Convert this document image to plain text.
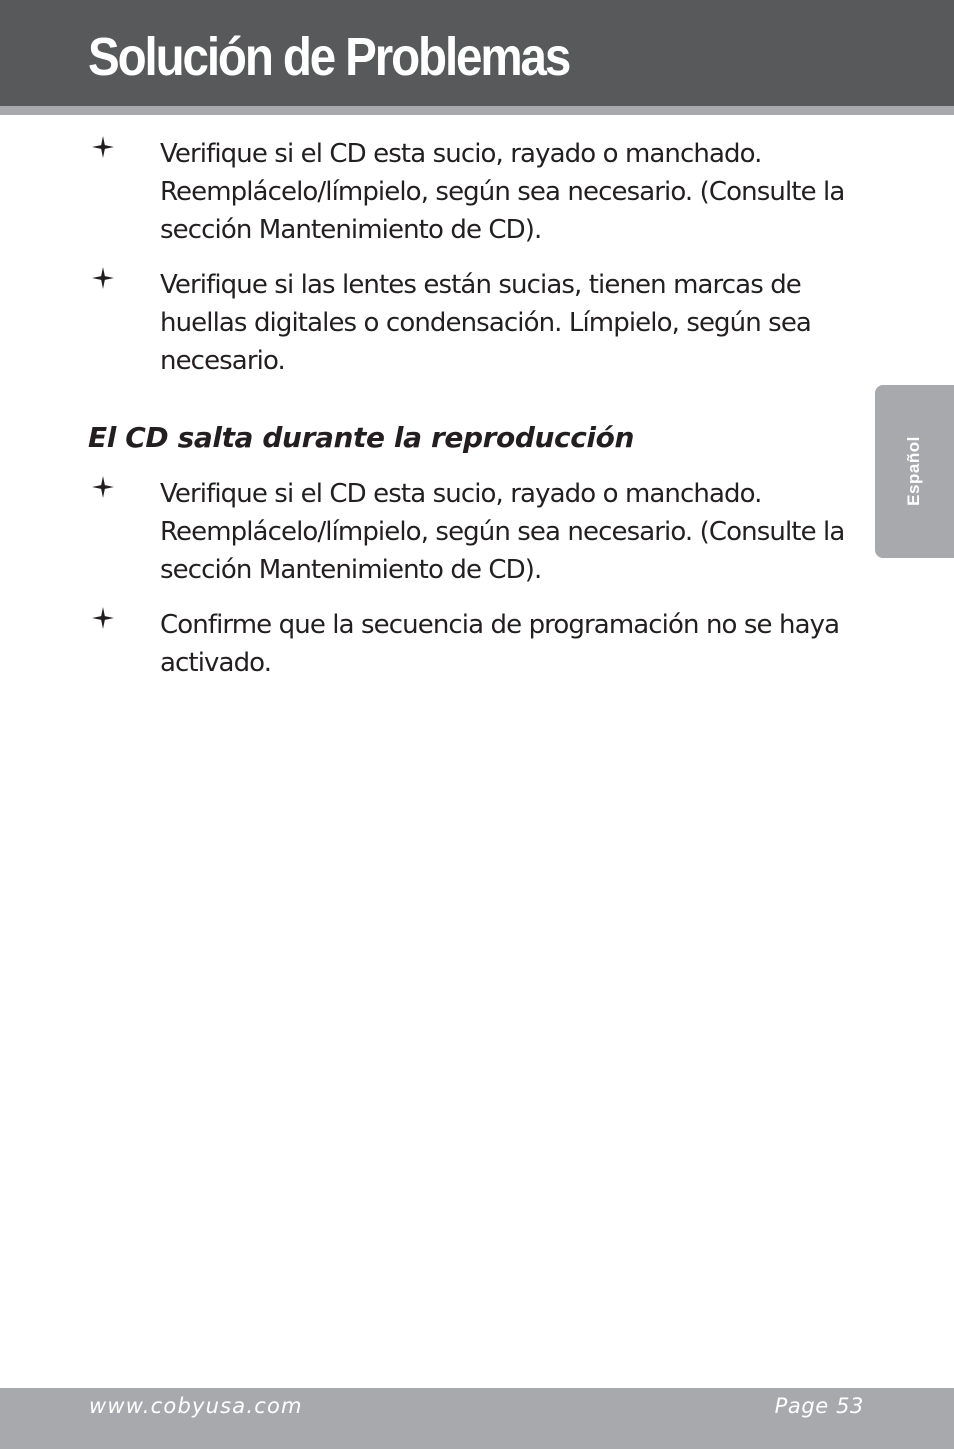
Solución de Problemas

Verifique si el CD esta sucio, rayado o manchado. Reemplácelo/límpielo, según sea necesario. (Consulte la sección Mantenimiento de CD).

Verifique si las lentes están sucias, tienen marcas de huellas digitales o condensación. Límpielo, según sea necesario.

El CD salta durante la reproducción

Verifique si el CD esta sucio, rayado o manchado. Reemplácelo/límpielo, según sea necesario. (Consulte la sección Mantenimiento de CD).

Confirme que la secuencia de programación no se haya activado.

Español
www.cobyusa.com	Page 53
